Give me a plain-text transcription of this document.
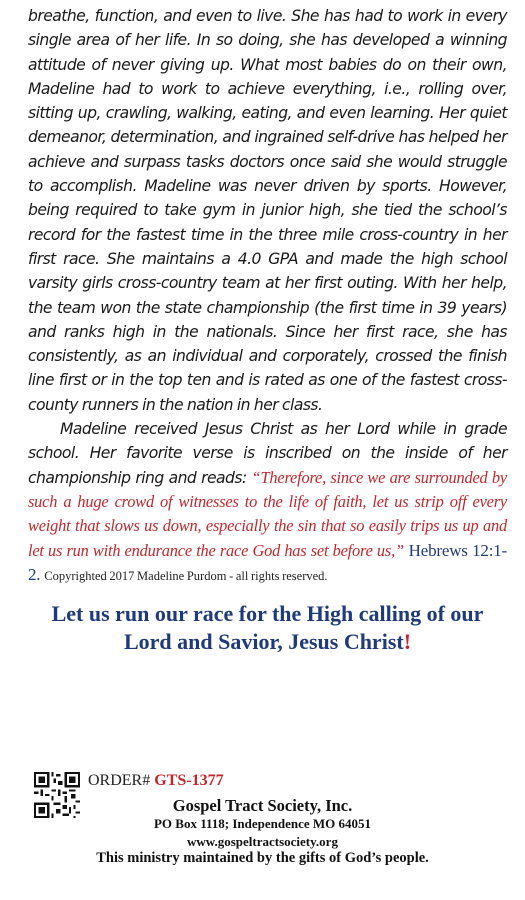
breathe, function, and even to live. She has had to work in every single area of her life. In so doing, she has developed a winning attitude of never giving up. What most babies do on their own, Madeline had to work to achieve everything, i.e., rolling over, sitting up, crawling, walking, eating, and even learning. Her quiet demeanor, determination, and ingrained self-drive has helped her achieve and surpass tasks doctors once said she would struggle to accomplish. Madeline was never driven by sports. However, being required to take gym in junior high, she tied the school’s record for the fastest time in the three mile cross-country in her first race. She maintains a 4.0 GPA and made the high school varsity girls cross-country team at her first outing. With her help, the team won the state championship (the first time in 39 years) and ranks high in the nationals. Since her first race, she has consistently, as an individual and corporately, crossed the finish line first or in the top ten and is rated as one of the fastest cross-county runners in the nation in her class.

Madeline received Jesus Christ as her Lord while in grade school. Her favorite verse is inscribed on the inside of her championship ring and reads: “Therefore, since we are surrounded by such a huge crowd of witnesses to the life of faith, let us strip off every weight that slows us down, especially the sin that so easily trips us up and let us run with endurance the race God has set before us,” Hebrews 12:1-2. Copyrighted 2017 Madeline Purdom - all rights reserved.

Let us run our race for the High calling of our Lord and Savior, Jesus Christ!
ORDER# GTS-1377
Gospel Tract Society, Inc.
PO Box 1118; Independence MO 64051
www.gospeltractsociety.org
This ministry maintained by the gifts of God’s people.
